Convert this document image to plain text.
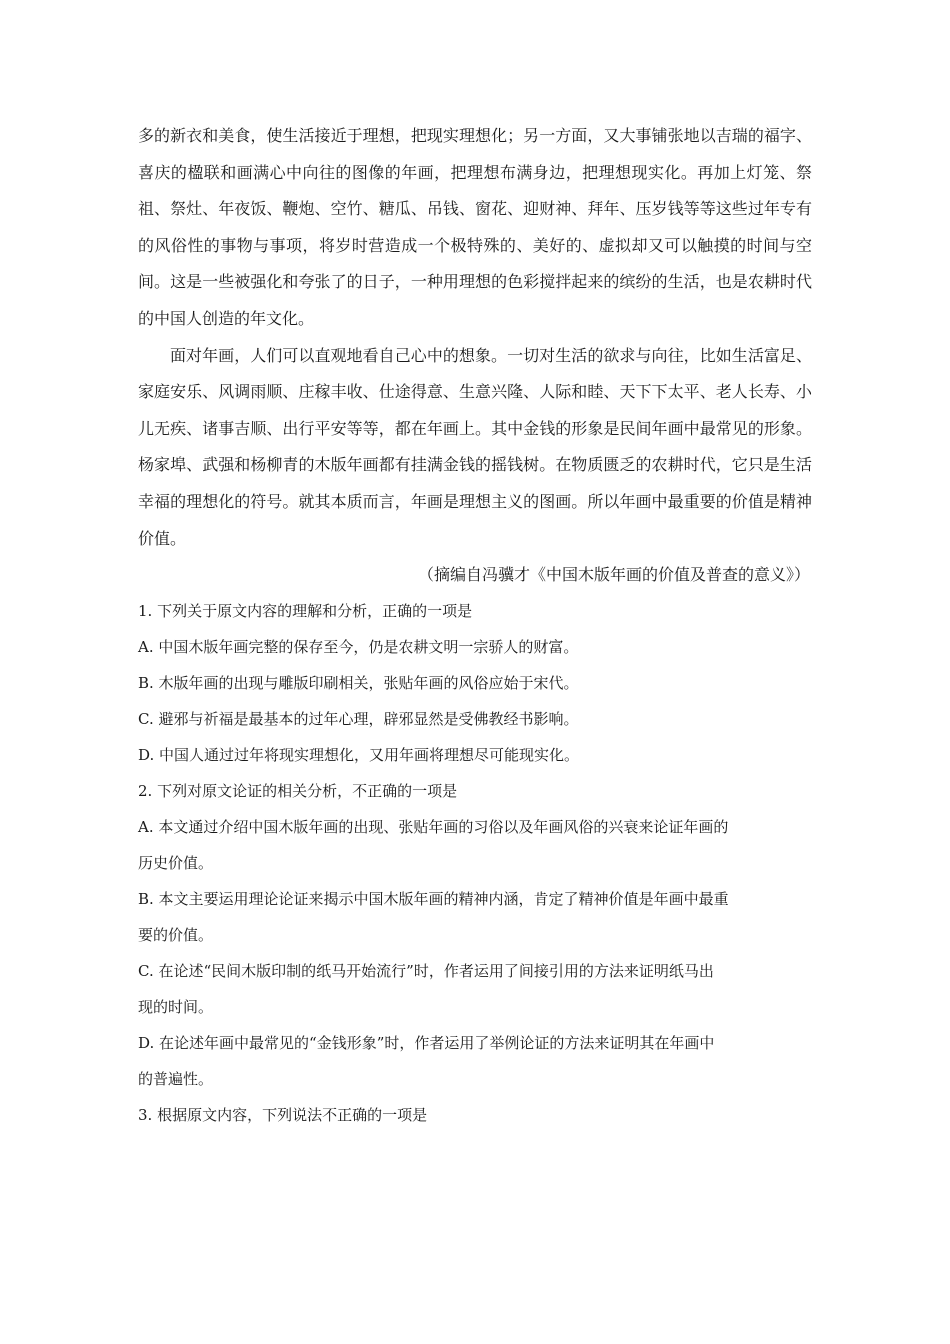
多的新衣和美食，使生活接近于理想，把现实理想化；另一方面，又大事铺张地以吉瑞的福字、喜庆的楹联和画满心中向往的图像的年画，把理想布满身边，把理想现实化。再加上灯笼、祭祖、祭灶、年夜饭、鞭炮、空竹、糖瓜、吊钱、窗花、迎财神、拜年、压岁钱等等这些过年专有的风俗性的事物与事项，将岁时营造成一个极特殊的、美好的、虚拟却又可以触摸的时间与空间。这是一些被强化和夸张了的日子，一种用理想的色彩搅拌起来的缤纷的生活，也是农耕时代的中国人创造的年文化。

面对年画，人们可以直观地看自己心中的想象。一切对生活的欲求与向往，比如生活富足、家庭安乐、风调雨顺、庄稼丰收、仕途得意、生意兴隆、人际和睦、天下下太平、老人长寿、小儿无疾、诸事吉顺、出行平安等等，都在年画上。其中金钱的形象是民间年画中最常见的形象。杨家埠、武强和杨柳青的木版年画都有挂满金钱的摇钱树。在物质匮乏的农耕时代，它只是生活幸福的理想化的符号。就其本质而言，年画是理想主义的图画。所以年画中最重要的价值是精神价值。

（摘编自冯骥才《中国木版年画的价值及普查的意义》）

1. 下列关于原文内容的理解和分析，正确的一项是

A. 中国木版年画完整的保存至今，仍是农耕文明一宗骄人的财富。

B. 木版年画的出现与雕版印刷相关，张贴年画的风俗应始于宋代。

C. 避邪与祈福是最基本的过年心理，辟邪显然是受佛教经书影响。

D. 中国人通过过年将现实理想化，又用年画将理想尽可能现实化。

2. 下列对原文论证的相关分析，不正确的一项是

A. 本文通过介绍中国木版年画的出现、张贴年画的习俗以及年画风俗的兴衰来论证年画的
历史价值。
B. 本文主要运用理论论证来揭示中国木版年画的精神内涵，肯定了精神价值是年画中最重
要的价值。
C. 在论述“民间木版印制的纸马开始流行”时，作者运用了间接引用的方法来证明纸马出
现的时间。
D. 在论述年画中最常见的“金钱形象”时，作者运用了举例论证的方法来证明其在年画中
的普遍性。

3. 根据原文内容，下列说法不正确的一项是
